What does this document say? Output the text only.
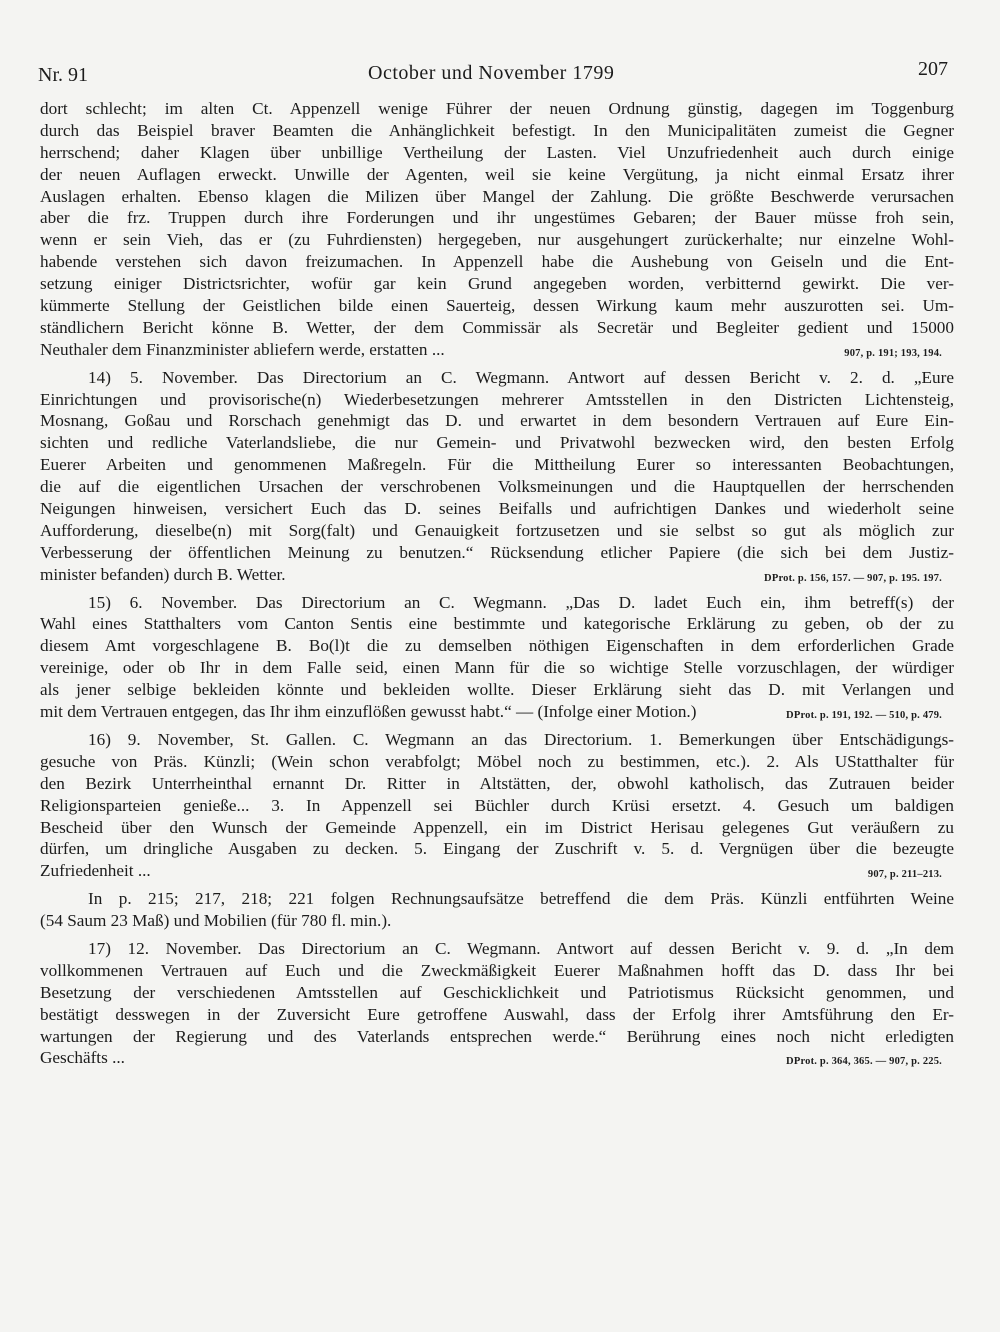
Nr. 91	October und November 1799	207
dort schlecht; im alten Ct. Appenzell wenige Führer der neuen Ordnung günstig, dagegen im Toggenburg
durch das Beispiel braver Beamten die Anhänglichkeit befestigt. In den Municipalitäten zumeist die Gegner
herrschend; daher Klagen über unbillige Vertheilung der Lasten. Viel Unzufriedenheit auch durch einige
der neuen Auflagen erweckt. Unwille der Agenten, weil sie keine Vergütung, ja nicht einmal Ersatz ihrer
Auslagen erhalten. Ebenso klagen die Milizen über Mangel der Zahlung. Die größte Beschwerde verursachen
aber die frz. Truppen durch ihre Forderungen und ihr ungestümes Gebaren; der Bauer müsse froh sein,
wenn er sein Vieh, das er (zu Fuhrdiensten) hergegeben, nur ausgehungert zurückerhalte; nur einzelne Wohl-
habende verstehen sich davon freizumachen. In Appenzell habe die Aushebung von Geiseln und die Ent-
setzung einiger Districtsrichter, wofür gar kein Grund angegeben worden, verbitternd gewirkt. Die ver-
kümmerte Stellung der Geistlichen bilde einen Sauerteig, dessen Wirkung kaum mehr auszurotten sei. Um-
ständlichern Bericht könne B. Wetter, der dem Commissär als Secretär und Begleiter gedient und 15000
Neuthaler dem Finanzminister abliefern werde, erstatten ...	907, p. 191; 193, 194.
14) 5. November. Das Directorium an C. Wegmann. Antwort auf dessen Bericht v. 2. d. „Eure
Einrichtungen und provisorische(n) Wiederbesetzungen mehrerer Amtsstellen in den Districten Lichtensteig,
Mosnang, Goßau und Rorschach genehmigt das D. und erwartet in dem besondern Vertrauen auf Eure Ein-
sichten und redliche Vaterlandsliebe, die nur Gemein- und Privatwohl bezwecken wird, den besten Erfolg
Euerer Arbeiten und genommenen Maßregeln. Für die Mittheilung Eurer so interessanten Beobachtungen,
die auf die eigentlichen Ursachen der verschrobenen Volksmeinungen und die Hauptquellen der herrschenden
Neigungen hinweisen, versichert Euch das D. seines Beifalls und aufrichtigen Dankes und wiederholt seine
Aufforderung, dieselbe(n) mit Sorg(falt) und Genauigkeit fortzusetzen und sie selbst so gut als möglich zur
Verbesserung der öffentlichen Meinung zu benutzen.“ Rücksendung etlicher Papiere (die sich bei dem Justiz-
minister befanden) durch B. Wetter.	DProt. p. 156, 157. — 907, p. 195. 197.
15) 6. November. Das Directorium an C. Wegmann. „Das D. ladet Euch ein, ihm betreff(s) der
Wahl eines Statthalters vom Canton Sentis eine bestimmte und kategorische Erklärung zu geben, ob der zu
diesem Amt vorgeschlagene B. Bo(l)t die zu demselben nöthigen Eigenschaften in dem erforderlichen Grade
vereinige, oder ob Ihr in dem Falle seid, einen Mann für die so wichtige Stelle vorzuschlagen, der würdiger
als jener selbige bekleiden könnte und bekleiden wollte. Dieser Erklärung sieht das D. mit Verlangen und
mit dem Vertrauen entgegen, das Ihr ihm einzuflößen gewusst habt.“ — (Infolge einer Motion.)	DProt. p. 191, 192. — 510, p. 479.
16) 9. November, St. Gallen. C. Wegmann an das Directorium. 1. Bemerkungen über Entschädigungs-
gesuche von Präs. Künzli; (Wein schon verabfolgt; Möbel noch zu bestimmen, etc.). 2. Als UStatthalter für
den Bezirk Unterrheinthal ernannt Dr. Ritter in Altstätten, der, obwohl katholisch, das Zutrauen beider
Religionsparteien genieße... 3. In Appenzell sei Büchler durch Krüsi ersetzt. 4. Gesuch um baldigen
Bescheid über den Wunsch der Gemeinde Appenzell, ein im District Herisau gelegenes Gut veräußern zu
dürfen, um dringliche Ausgaben zu decken. 5. Eingang der Zuschrift v. 5. d. Vergnügen über die bezeugte
Zufriedenheit ...	907, p. 211–213.
In p. 215; 217, 218; 221 folgen Rechnungsaufsätze betreffend die dem Präs. Künzli entführten Weine
(54 Saum 23 Maß) und Mobilien (für 780 fl. min.).
17) 12. November. Das Directorium an C. Wegmann. Antwort auf dessen Bericht v. 9. d. „In dem
vollkommenen Vertrauen auf Euch und die Zweckmäßigkeit Euerer Maßnahmen hofft das D. dass Ihr bei
Besetzung der verschiedenen Amtsstellen auf Geschicklichkeit und Patriotismus Rücksicht genommen, und
bestätigt desswegen in der Zuversicht Eure getroffene Auswahl, dass der Erfolg ihrer Amtsführung den Er-
wartungen der Regierung und des Vaterlands entsprechen werde.“ Berührung eines noch nicht erledigten
Geschäfts ...	DProt. p. 364, 365. — 907, p. 225.
